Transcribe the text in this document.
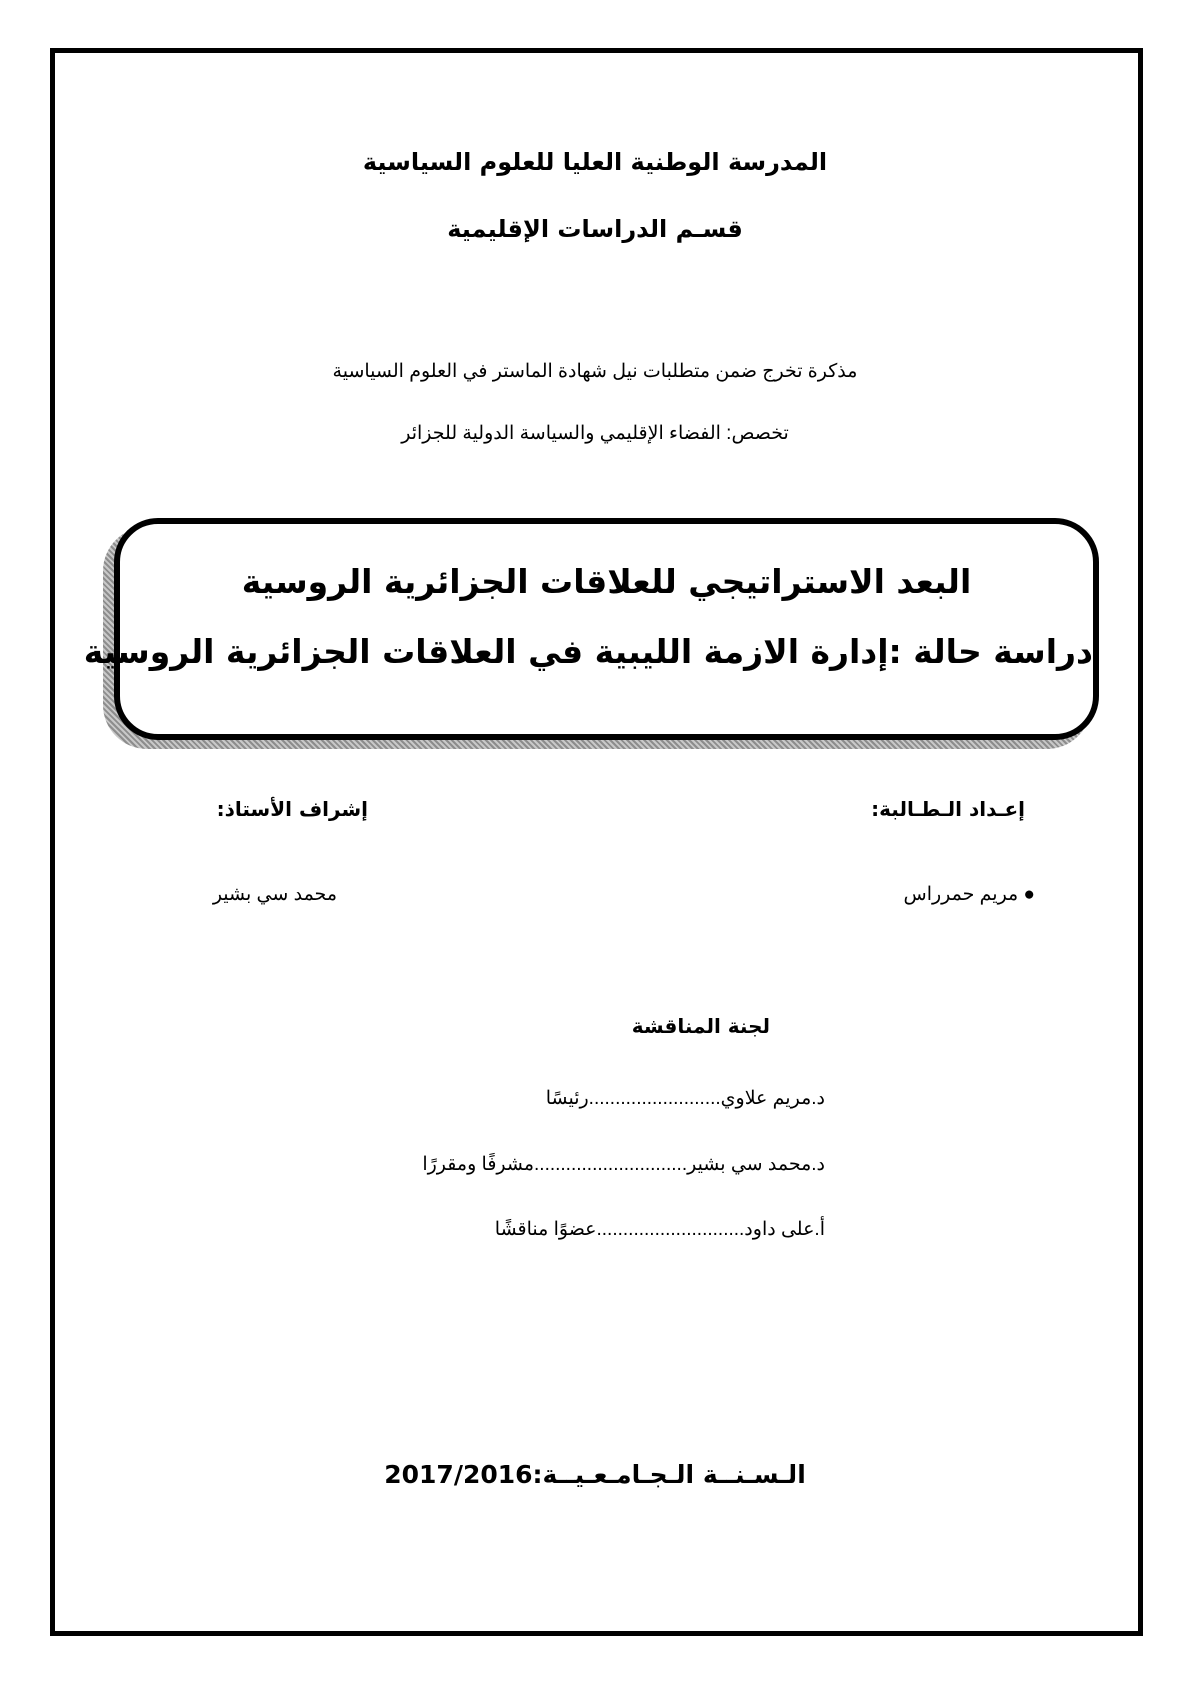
المدرسة الوطنية العليا للعلوم السياسية
قسـم الدراسات الإقليمية
مذكرة تخرج ضمن متطلبات نيل شهادة الماستر في العلوم السياسية
تخصص: الفضاء الإقليمي والسياسة الدولية للجزائر
البعد الاستراتيجي للعلاقات الجزائرية الروسية
دراسة حالة :إدارة الازمة الليبية في العلاقات الجزائرية الروسية
إعـداد الـطـالبة:
إشراف الأستاذ:
● مريم حمرراس
محمد سي بشير
لجنة المناقشة
د.مريم علاوي.........................رئيسًا
د.محمد سي بشير.............................مشرفًا ومقررًا
أ.على داود............................عضوًا مناقشًا
الـسـنــة الـجـامـعـيــة:2017/2016
